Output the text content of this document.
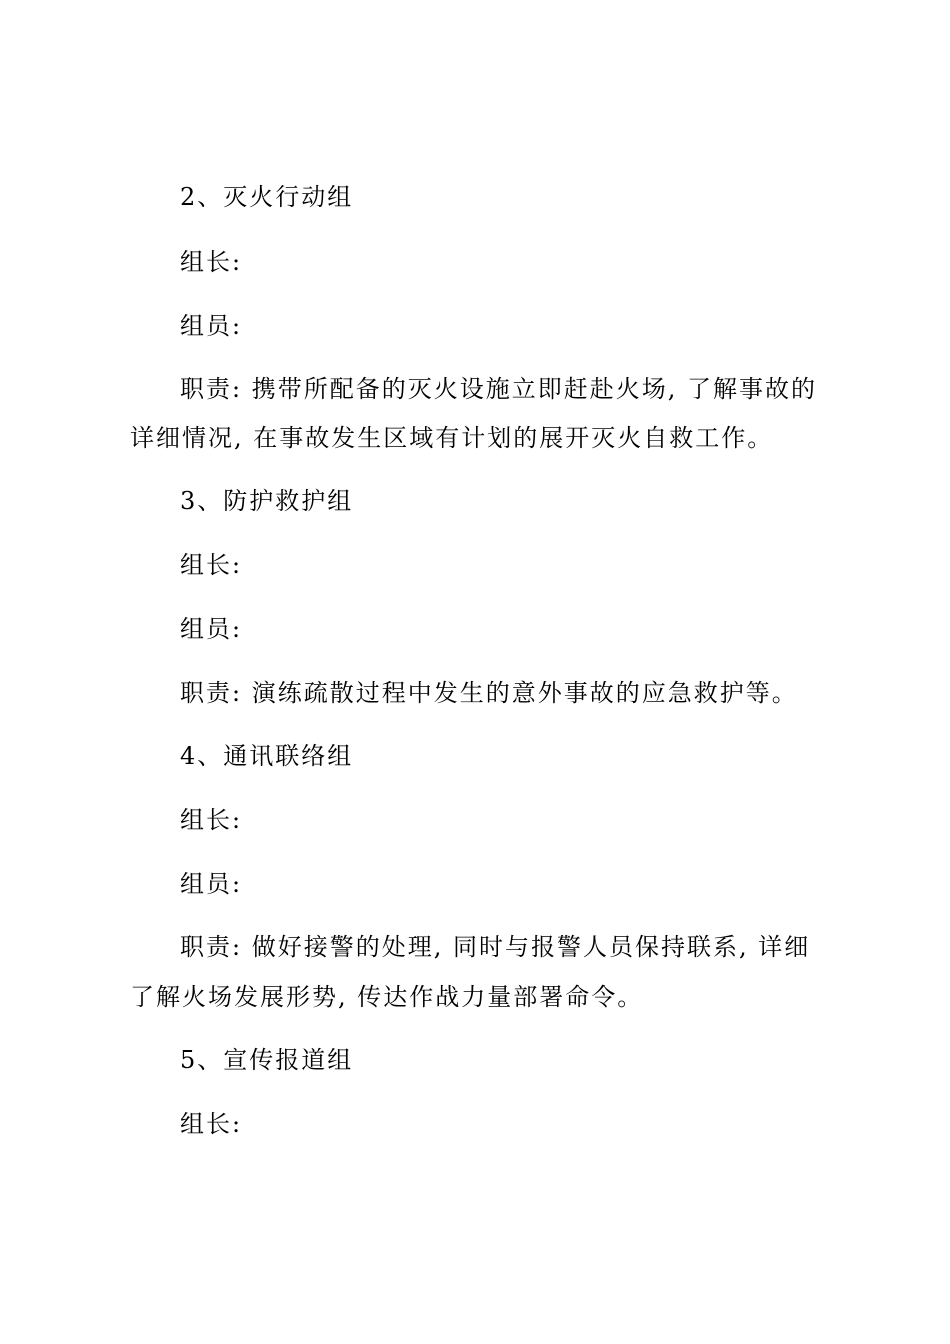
2、灭火行动组
组长:
组员:
职责: 携带所配备的灭火设施立即赶赴火场, 了解事故的
详细情况, 在事故发生区域有计划的展开灭火自救工作。
3、防护救护组
组长:
组员:
职责: 演练疏散过程中发生的意外事故的应急救护等。
4、通讯联络组
组长:
组员:
职责: 做好接警的处理, 同时与报警人员保持联系, 详细
了解火场发展形势, 传达作战力量部署命令。
5、宣传报道组
组长:
